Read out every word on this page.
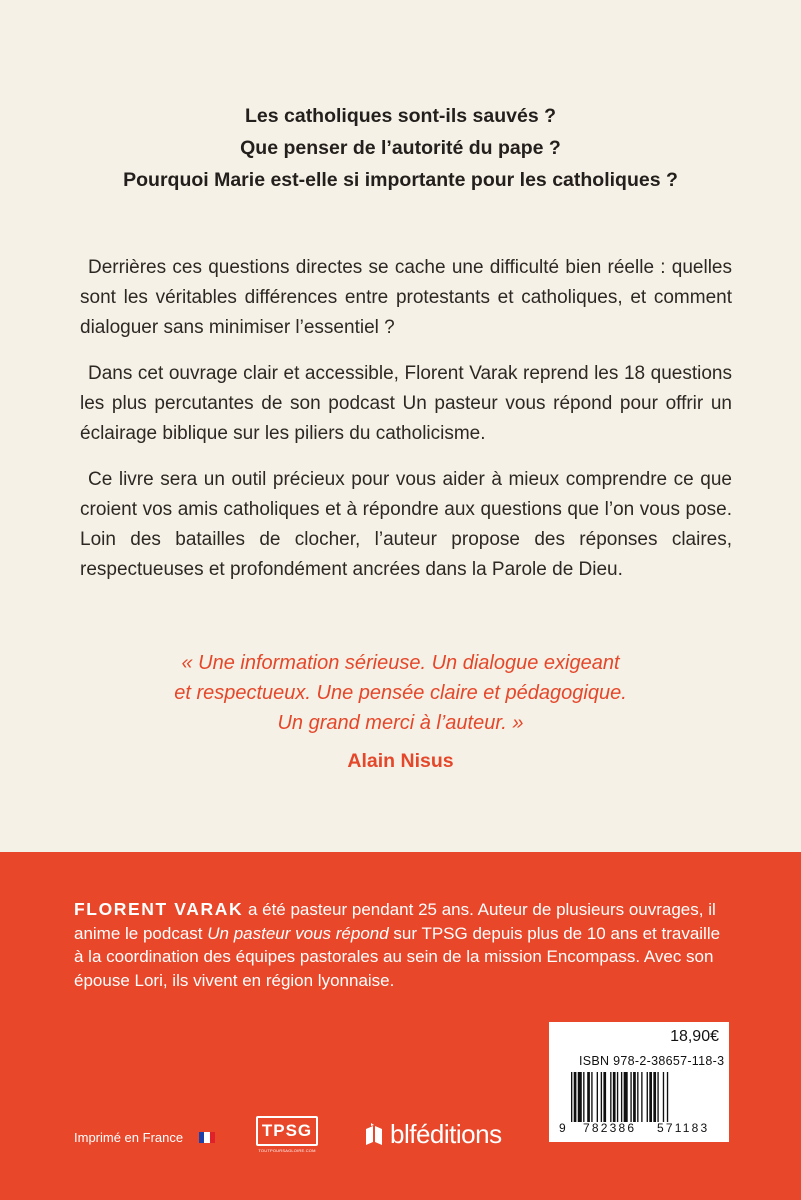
Les catholiques sont-ils sauvés ?

Que penser de l’autorité du pape ?

Pourquoi Marie est-elle si importante pour les catholiques ?

Derrières ces questions directes se cache une difficulté bien réelle : quelles sont les véritables différences entre protestants et catholiques, et comment dialoguer sans minimiser l’essentiel ?

Dans cet ouvrage clair et accessible, Florent Varak reprend les 18 questions les plus percutantes de son podcast Un pasteur vous répond pour offrir un éclairage biblique sur les piliers du catholicisme.

Ce livre sera un outil précieux pour vous aider à mieux comprendre ce que croient vos amis catholiques et à répondre aux questions que l’on vous pose. Loin des batailles de clocher, l’auteur propose des réponses claires, respectueuses et profondément ancrées dans la Parole de Dieu.

« Une information sérieuse. Un dialogue exigeant

et respectueux. Une pensée claire et pédagogique.

Un grand merci à l’auteur. »

Alain Nisus

FLORENT VARAK a été pasteur pendant 25 ans. Auteur de plusieurs ouvrages, il anime le podcast Un pasteur vous répond sur TPSG depuis plus de 10 ans et travaille à la coordination des équipes pastorales au sein de la mission Encompass. Avec son épouse Lori, ils vivent en région lyonnaise.

18,90€
ISBN 978-2-38657-118-3
9 782386 571183
Imprimé en France	TPSG
TOUTPOURSAGLOIRE.COM
blféditions
